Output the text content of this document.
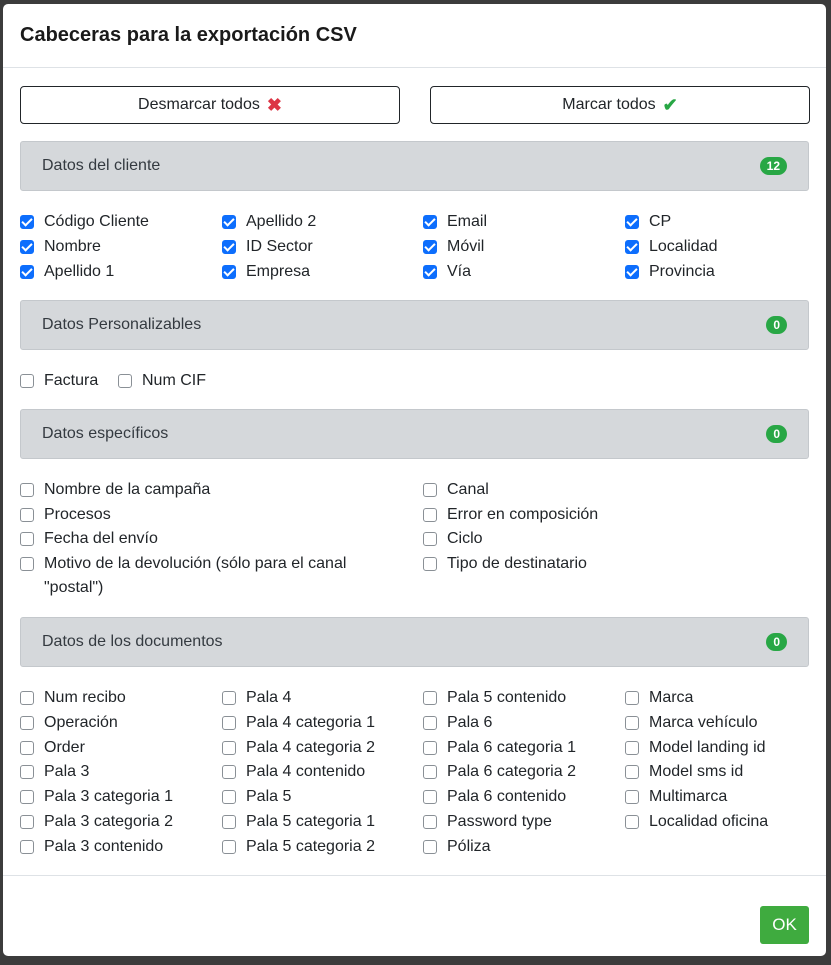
Cabeceras para la exportación CSV
Desmarcar todos ✖	Marcar todos ✔
Datos del cliente	12
Código Cliente
Nombre
Apellido 1
Apellido 2
ID Sector
Empresa
Email
Móvil
Vía
CP
Localidad
Provincia
Datos Personalizables	0
Factura	Num CIF
Datos específicos	0
Nombre de la campaña
Procesos
Fecha del envío
Motivo de la devolución (sólo para el canal "postal")
Canal
Error en composición
Ciclo
Tipo de destinatario
Datos de los documentos	0
Num recibo
Operación
Order
Pala 3
Pala 3 categoria 1
Pala 3 categoria 2
Pala 3 contenido
Pala 4
Pala 4 categoria 1
Pala 4 categoria 2
Pala 4 contenido
Pala 5
Pala 5 categoria 1
Pala 5 categoria 2
Pala 5 contenido
Pala 6
Pala 6 categoria 1
Pala 6 categoria 2
Pala 6 contenido
Password type
Póliza
Marca
Marca vehículo
Model landing id
Model sms id
Multimarca
Localidad oficina
OK
